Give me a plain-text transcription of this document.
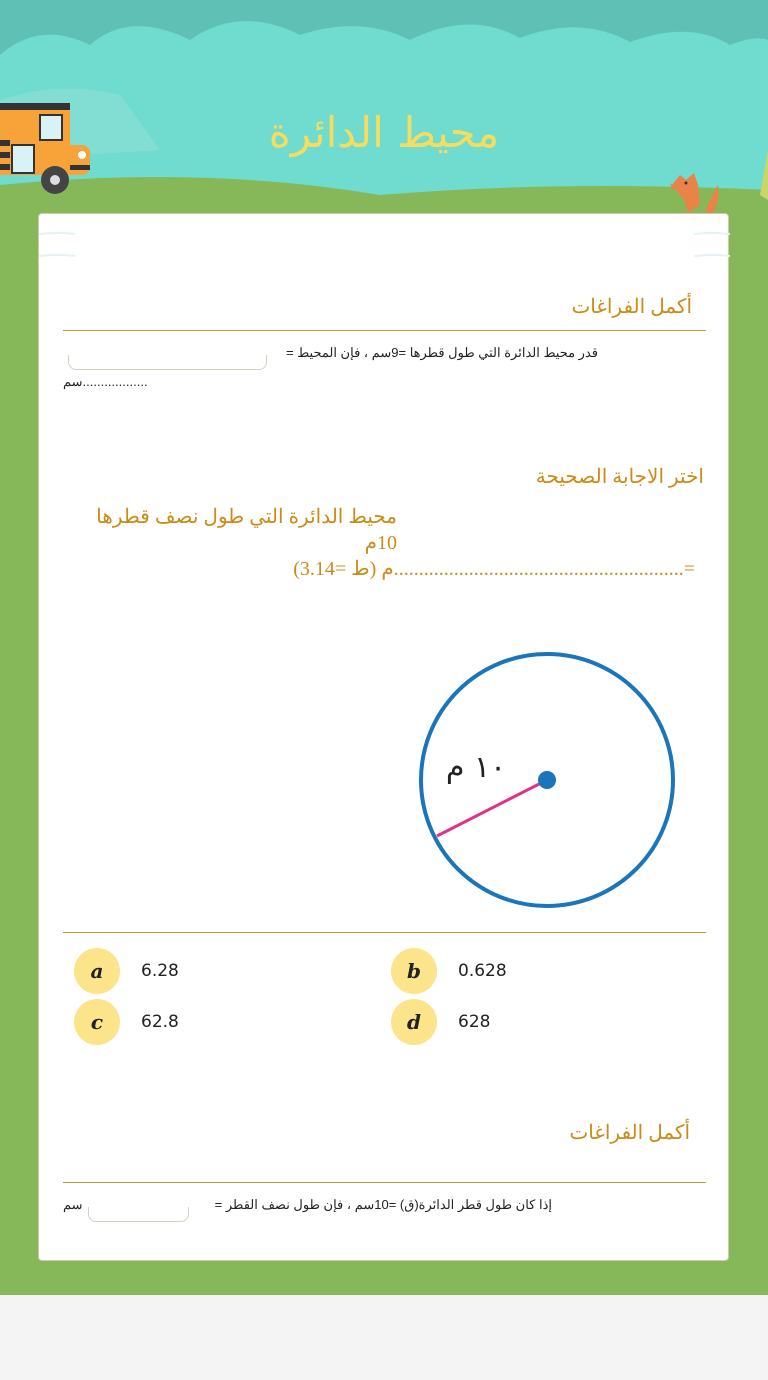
محيط الدائرة
أكمل الفراغات
قدر محيط الدائرة التي طول قطرها =9سم ، فإن المحيط =
..................سم
اختر الاجابة الصحيحة
محيط الدائرة التي طول نصف قطرها 10م
=..........................................................م (ط =3.14)
١٠ م
a	6.28	b	0.628
c	62.8	d	628
أكمل الفراغات
إذا كان طول قطر الدائرة(ق) =10سم ، فإن طول نصف القطر =
سم
